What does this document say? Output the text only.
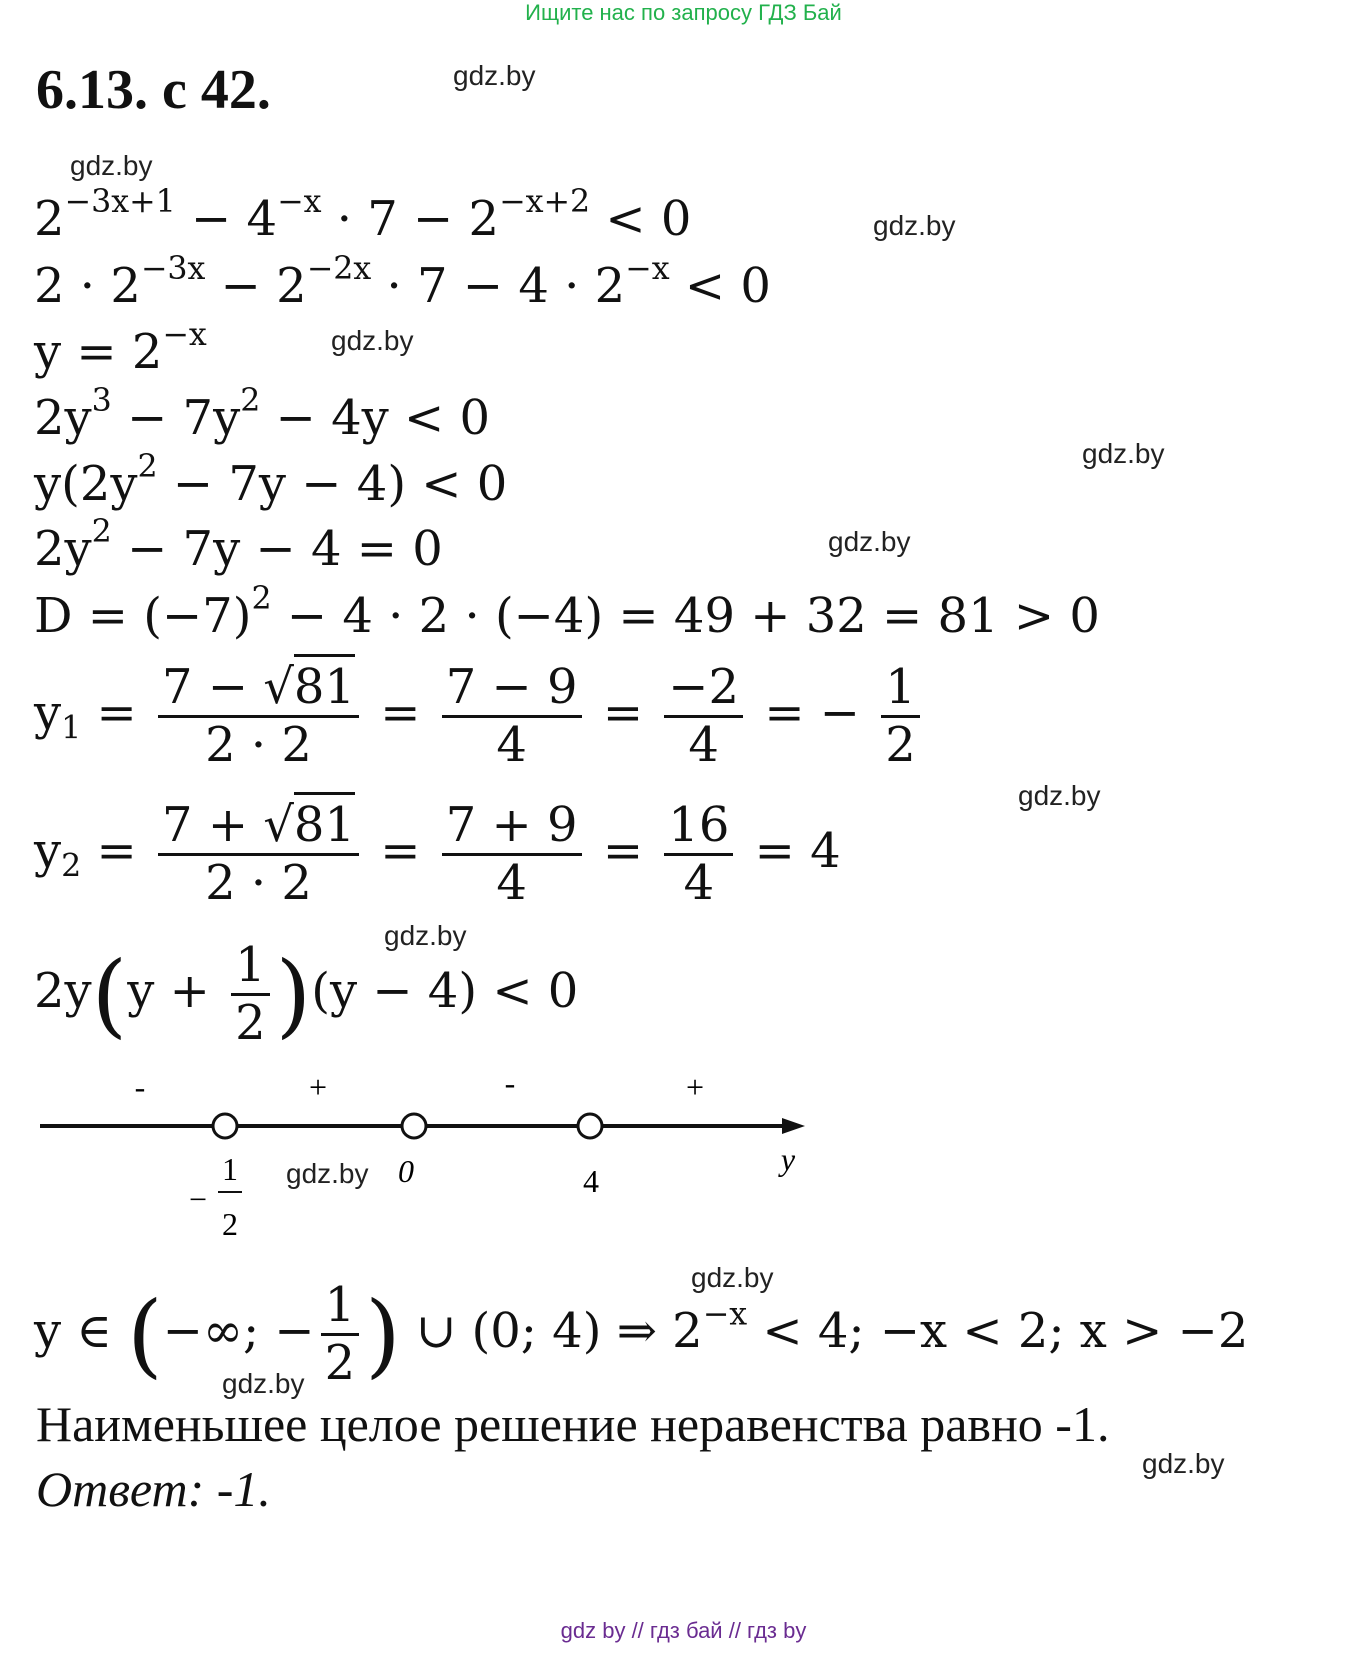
Ищите нас по запросу ГДЗ Бай
6.13. с 42.	gdz.by
gdz.by
gdz.by
gdz.by
gdz.by
gdz.by
gdz.by
gdz.by
gdz.by
gdz.by
gdz.by
gdz.by
$2^{-3x+1} - 4^{-x} \cdot 7 - 2^{-x+2} < 0$
$2 \cdot 2^{-3x} - 2^{-2x} \cdot 7 - 4 \cdot 2^{-x} < 0$
$y = 2^{-x}$
$2y^3 - 7y^2 - 4y < 0$
$y(2y^2 - 7y - 4) < 0$
$2y^2 - 7y - 4 = 0$
$D = (-7)^2 - 4 \cdot 2 \cdot (-4) = 49 + 32 = 81 > 0$
$y_1 = \frac{7 - √81}{2 \cdot 2} = \frac{7 - 9}{4} = \frac{-2}{4}$ = − $\frac{1}{2}$
$y_2 = \frac{7 + √81}{2 \cdot 2} = \frac{7 + 9}{4} = \frac{16}{4} = 4$
$2y(y + \frac{1}{2} )(y - 4) < 0$
-	+	-	+
−
1
2
0	4
y
y ∈ (−∞; − $\frac{1}{2}$ ) ∪ (0; 4) ⇒ $2^{-x} < 4$; −x < 2; x > −2
Наименьшее целое решение неравенства равно -1.
Ответ: -1.
gdz by // гдз бай // гдз by
